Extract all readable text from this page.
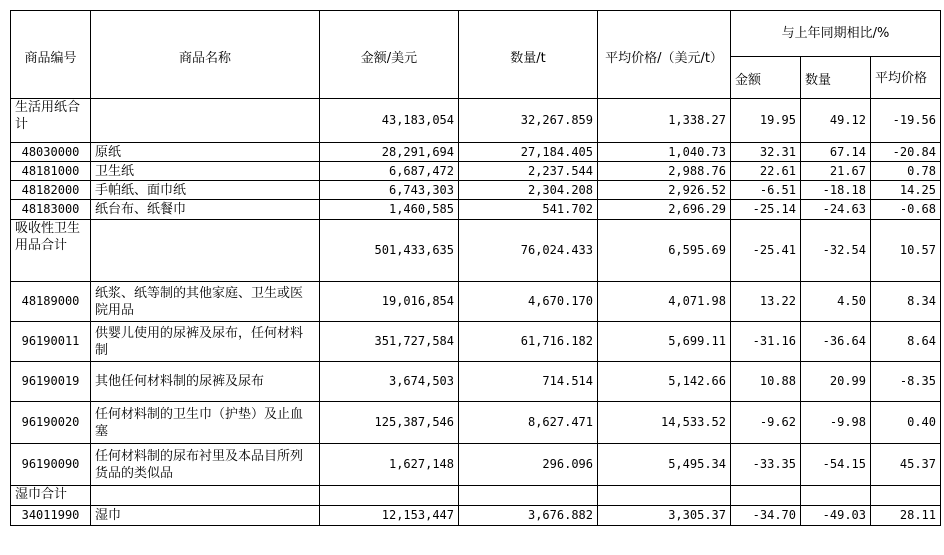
商品编号	商品名称	金额/美元	数量/t	平均价格/（美元/t）	与上年同期相比/%		
					金额	数量	平均价格
生活用纸合计		43,183,054	32,267.859	1,338.27	19.95	49.12	-19.56
48030000	原纸	28,291,694	27,184.405	1,040.73	32.31	67.14	-20.84
48181000	卫生纸	6,687,472	2,237.544	2,988.76	22.61	21.67	0.78
48182000	手帕纸、面巾纸	6,743,303	2,304.208	2,926.52	-6.51	-18.18	14.25
48183000	纸台布、纸餐巾	1,460,585	541.702	2,696.29	-25.14	-24.63	-0.68
吸收性卫生用品合计		501,433,635	76,024.433	6,595.69	-25.41	-32.54	10.57
48189000	纸浆、纸等制的其他家庭、卫生或医院用品	19,016,854	4,670.170	4,071.98	13.22	4.50	8.34
96190011	供婴儿使用的尿裤及尿布，任何材料制	351,727,584	61,716.182	5,699.11	-31.16	-36.64	8.64
96190019	其他任何材料制的尿裤及尿布	3,674,503	714.514	5,142.66	10.88	20.99	-8.35
96190020	任何材料制的卫生巾（护垫）及止血塞	125,387,546	8,627.471	14,533.52	-9.62	-9.98	0.40
96190090	任何材料制的尿布衬里及本品目所列货品的类似品	1,627,148	296.096	5,495.34	-33.35	-54.15	45.37
湿巾合计							
34011990	湿巾	12,153,447	3,676.882	3,305.37	-34.70	-49.03	28.11
